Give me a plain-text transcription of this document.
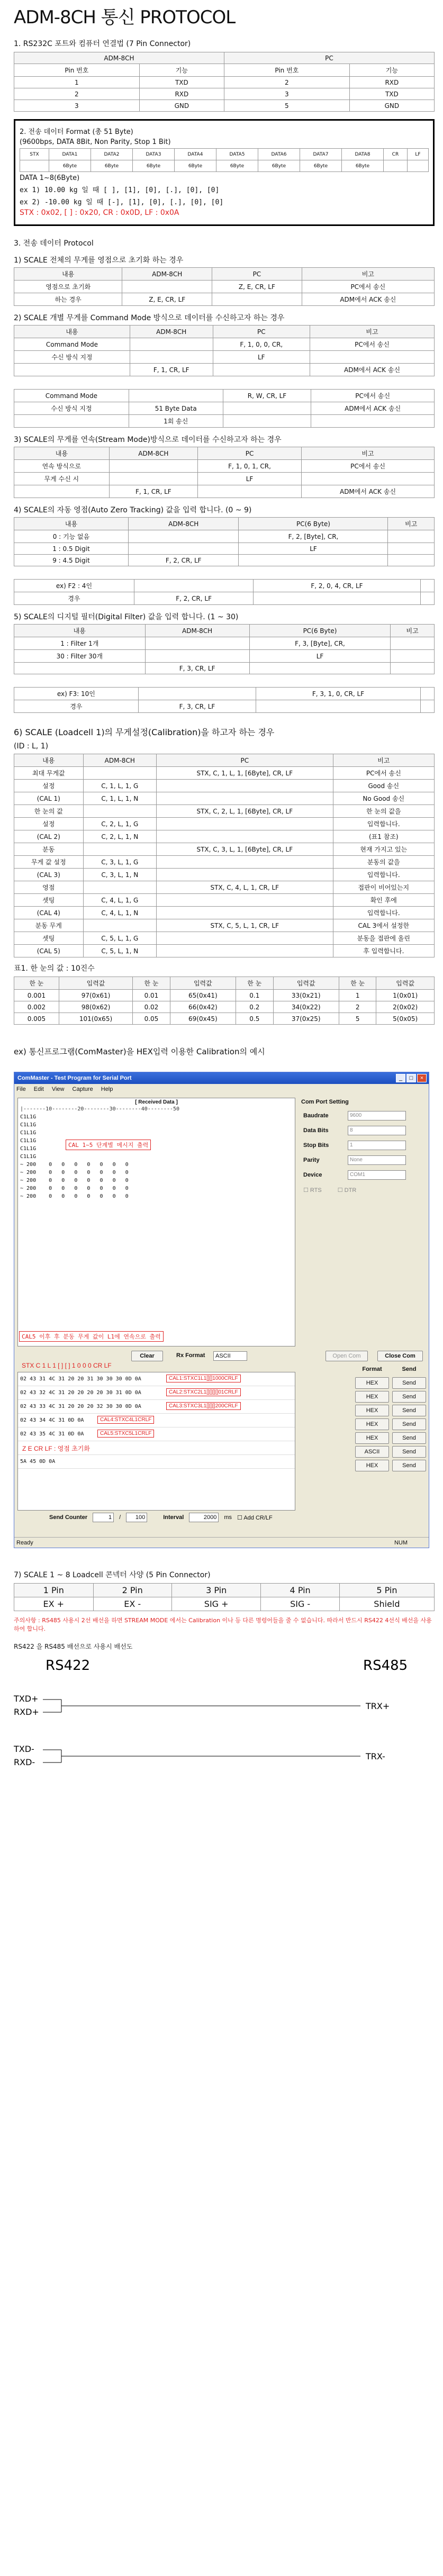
ADM-8CH 통신 PROTOCOL
1. RS232C 포트와 컴퓨터 연결법 (7 Pin Connector)
ADM-8CH		PC	
Pin 번호	기능	Pin 번호	기능
1	TXD	2	RXD
2	RXD	3	TXD
3	GND	5	GND
2. 전송 데이터 Format (총 51 Byte)
(9600bps, DATA 8Bit, Non Parity, Stop 1 Bit)
STX	DATA1	DATA2	DATA3	DATA4	DATA5	DATA6	DATA7	DATA8	CR	LF
	6Byte	6Byte	6Byte	6Byte	6Byte	6Byte	6Byte	6Byte		
DATA 1~8(6Byte)
ex 1) 10.00 kg 일 때 [ ], [1], [0], [.], [0], [0]
ex 2) -10.00 kg 일 때 [-], [1], [0], [.], [0], [0]
STX : 0x02, [ ] : 0x20, CR : 0x0D, LF : 0x0A
3. 전송 데이터 Protocol
1) SCALE 전체의 무게를 영점으로 초기화 하는 경우
내용	ADM-8CH	PC	비고
영점으로 초기화		Z, E, CR, LF	PC에서 송신
하는 경우	Z, E, CR, LF		ADM에서 ACK 송신
2) SCALE 개별 무게를 Command Mode 방식으로 데이터를 수신하고자 하는 경우
내용	ADM-8CH	PC	비고
Command Mode		F, 1, 0, 0, CR,	PC에서 송신
수신 방식 지정		LF	
	F, 1, CR, LF		ADM에서 ACK 송신
Command Mode		R, W, CR, LF	PC에서 송신
수신 방식 지정	51 Byte Data		ADM에서 ACK 송신
	1회 송신		
3) SCALE의 무게를 연속(Stream Mode)방식으로 데이터를 수신하고자 하는 경우
내용	ADM-8CH	PC	비고
연속 방식으로		F, 1, 0, 1, CR,	PC에서 송신
무게 수신 시		LF	
	F, 1, CR, LF		ADM에서 ACK 송신
4) SCALE의 자동 영점(Auto Zero Tracking) 값을 입력 합니다. (0 ~ 9)
내용	ADM-8CH	PC(6 Byte)	비고
0 : 기능 없음		F, 2, [Byte], CR,	
1 : 0.5 Digit		LF	
9 : 4.5 Digit	F, 2, CR, LF		
ex) F2 : 4인		F, 2, 0, 4, CR, LF	
경우	F, 2, CR, LF		
5) SCALE의 디지털 필터(Digital Filter) 값을 입력 합니다. (1 ~ 30)
내용	ADM-8CH	PC(6 Byte)	비고
1 : Filter 1개		F, 3, [Byte], CR,	
30 : Filter 30개		LF	
	F, 3, CR, LF		
ex) F3: 10인		F, 3, 1, 0, CR, LF	
경우	F, 3, CR, LF		
6) SCALE (Loadcell 1)의 무게설정(Calibration)을 하고자 하는 경우
(ID : L, 1)
내용	ADM-8CH	PC	비고
최대 무게값		STX, C, 1, L, 1, [6Byte], CR, LF	PC에서 송신
설정	C, 1, L, 1, G		Good 송신
(CAL 1)	C, 1, L, 1, N		No Good 송신
한 눈의 값		STX, C, 2, L, 1, [6Byte], CR, LF	한 눈의 값을
설정	C, 2, L, 1, G		입력합니다.
(CAL 2)	C, 2, L, 1, N		(표1 참조)
분동		STX, C, 3, L, 1, [6Byte], CR, LF	현재 가지고 있는
무게 값 설정	C, 3, L, 1, G		분동의 값을
(CAL 3)	C, 3, L, 1, N		입력합니다.
영점		STX, C, 4, L, 1, CR, LF	접판이 비어있는지
셋팅	C, 4, L, 1, G		확인 후에
(CAL 4)	C, 4, L, 1, N		입력합니다.
분동 무게		STX, C, 5, L, 1, CR, LF	CAL 3에서 설정한
셋팅	C, 5, L, 1, G		분동을 접판에 올린
(CAL 5)	C, 5, L, 1, N		후 입력합니다.
표1. 한 눈의 값 : 10진수
한 눈	입력값	한 눈	입력값	한 눈	입력값	한 눈	입력값
0.001	97(0x61)	0.01	65(0x41)	0.1	33(0x21)	1	1(0x01)
0.002	98(0x62)	0.02	66(0x42)	0.2	34(0x22)	2	2(0x02)
0.005	101(0x65)	0.05	69(0x45)	0.5	37(0x25)	5	5(0x05)
ex) 통신프로그램(ComMaster)을 HEX입력 이용한 Calibration의 예시
ComMaster - Test Program for Serial Port	_ □ ×
File Edit View Capture Help
[ Received Data ]
|-------10--------20--------30--------40--------50
C1L1G
C1L1G
C1L1G
C1L1G
C1L1G
C1L1G
~ 200    0   0   0   0   0   0   0
~ 200    0   0   0   0   0   0   0
~ 200    0   0   0   0   0   0   0
~ 200    0   0   0   0   0   0   0
~ 200    0   0   0   0   0   0   0
CAL 1~5 단계별 메시지 출력
CAL5 이후 후 분동 무게 값이 L1에 연속으로 출력
Com Port Setting
Baudrate	9600
Data Bits	8
Stop Bits	1
Parity	None
Device	COM1
☐ RTS	☐ DTR
Clear	Rx Format	ASCII	Open Com	Close Com
STX C 1 L 1 [ ] [ ] 1 0 0 0 CR LF
02 43 31 4C 31 20 20 31 30 30 30 0D 0A
02 43 32 4C 31 20 20 20 20 30 31 0D 0A
02 43 33 4C 31 20 20 20 32 30 30 0D 0A
02 43 34 4C 31 0D 0A
02 43 35 4C 31 0D 0A
5A 45 0D 0A
CAL1:STXC1L1[][]1000CRLF
CAL2:STXC2L1[][][][]01CRLF
CAL3:STXC3L1[][][]200CRLF
CAL4:STXC4L1CRLF
CAL5:STXC5L1CRLF
Z E CR LF : 영점 초기화
Format	Send
HEX	Send
HEX	Send
HEX	Send
HEX	Send
HEX	Send
ASCII	Send
HEX	Send
Send Counter	1	/	100	Interval	2000	ms ☐ Add CR/LF
Ready	NUM
7) SCALE 1 ~ 8 Loadcell 콘넥터 사양 (5 Pin Connector)
1 Pin	2 Pin	3 Pin	4 Pin	5 Pin
EX +	EX -	SIG +	SIG -	Shield
주의사항 : RS485 사용시 2선 배선을 하면 STREAM MODE 에서는 Calibration 이나 등 다른 명령어들을 줄 수 없습니다. 따라서 반드시 RS422 4선식 배선을 사용하여 합니다.
RS422 을 RS485 배선으로 사용시 배선도
RS422	RS485
TXD+
RXD+
TRX+
TXD-
RXD-
TRX-
